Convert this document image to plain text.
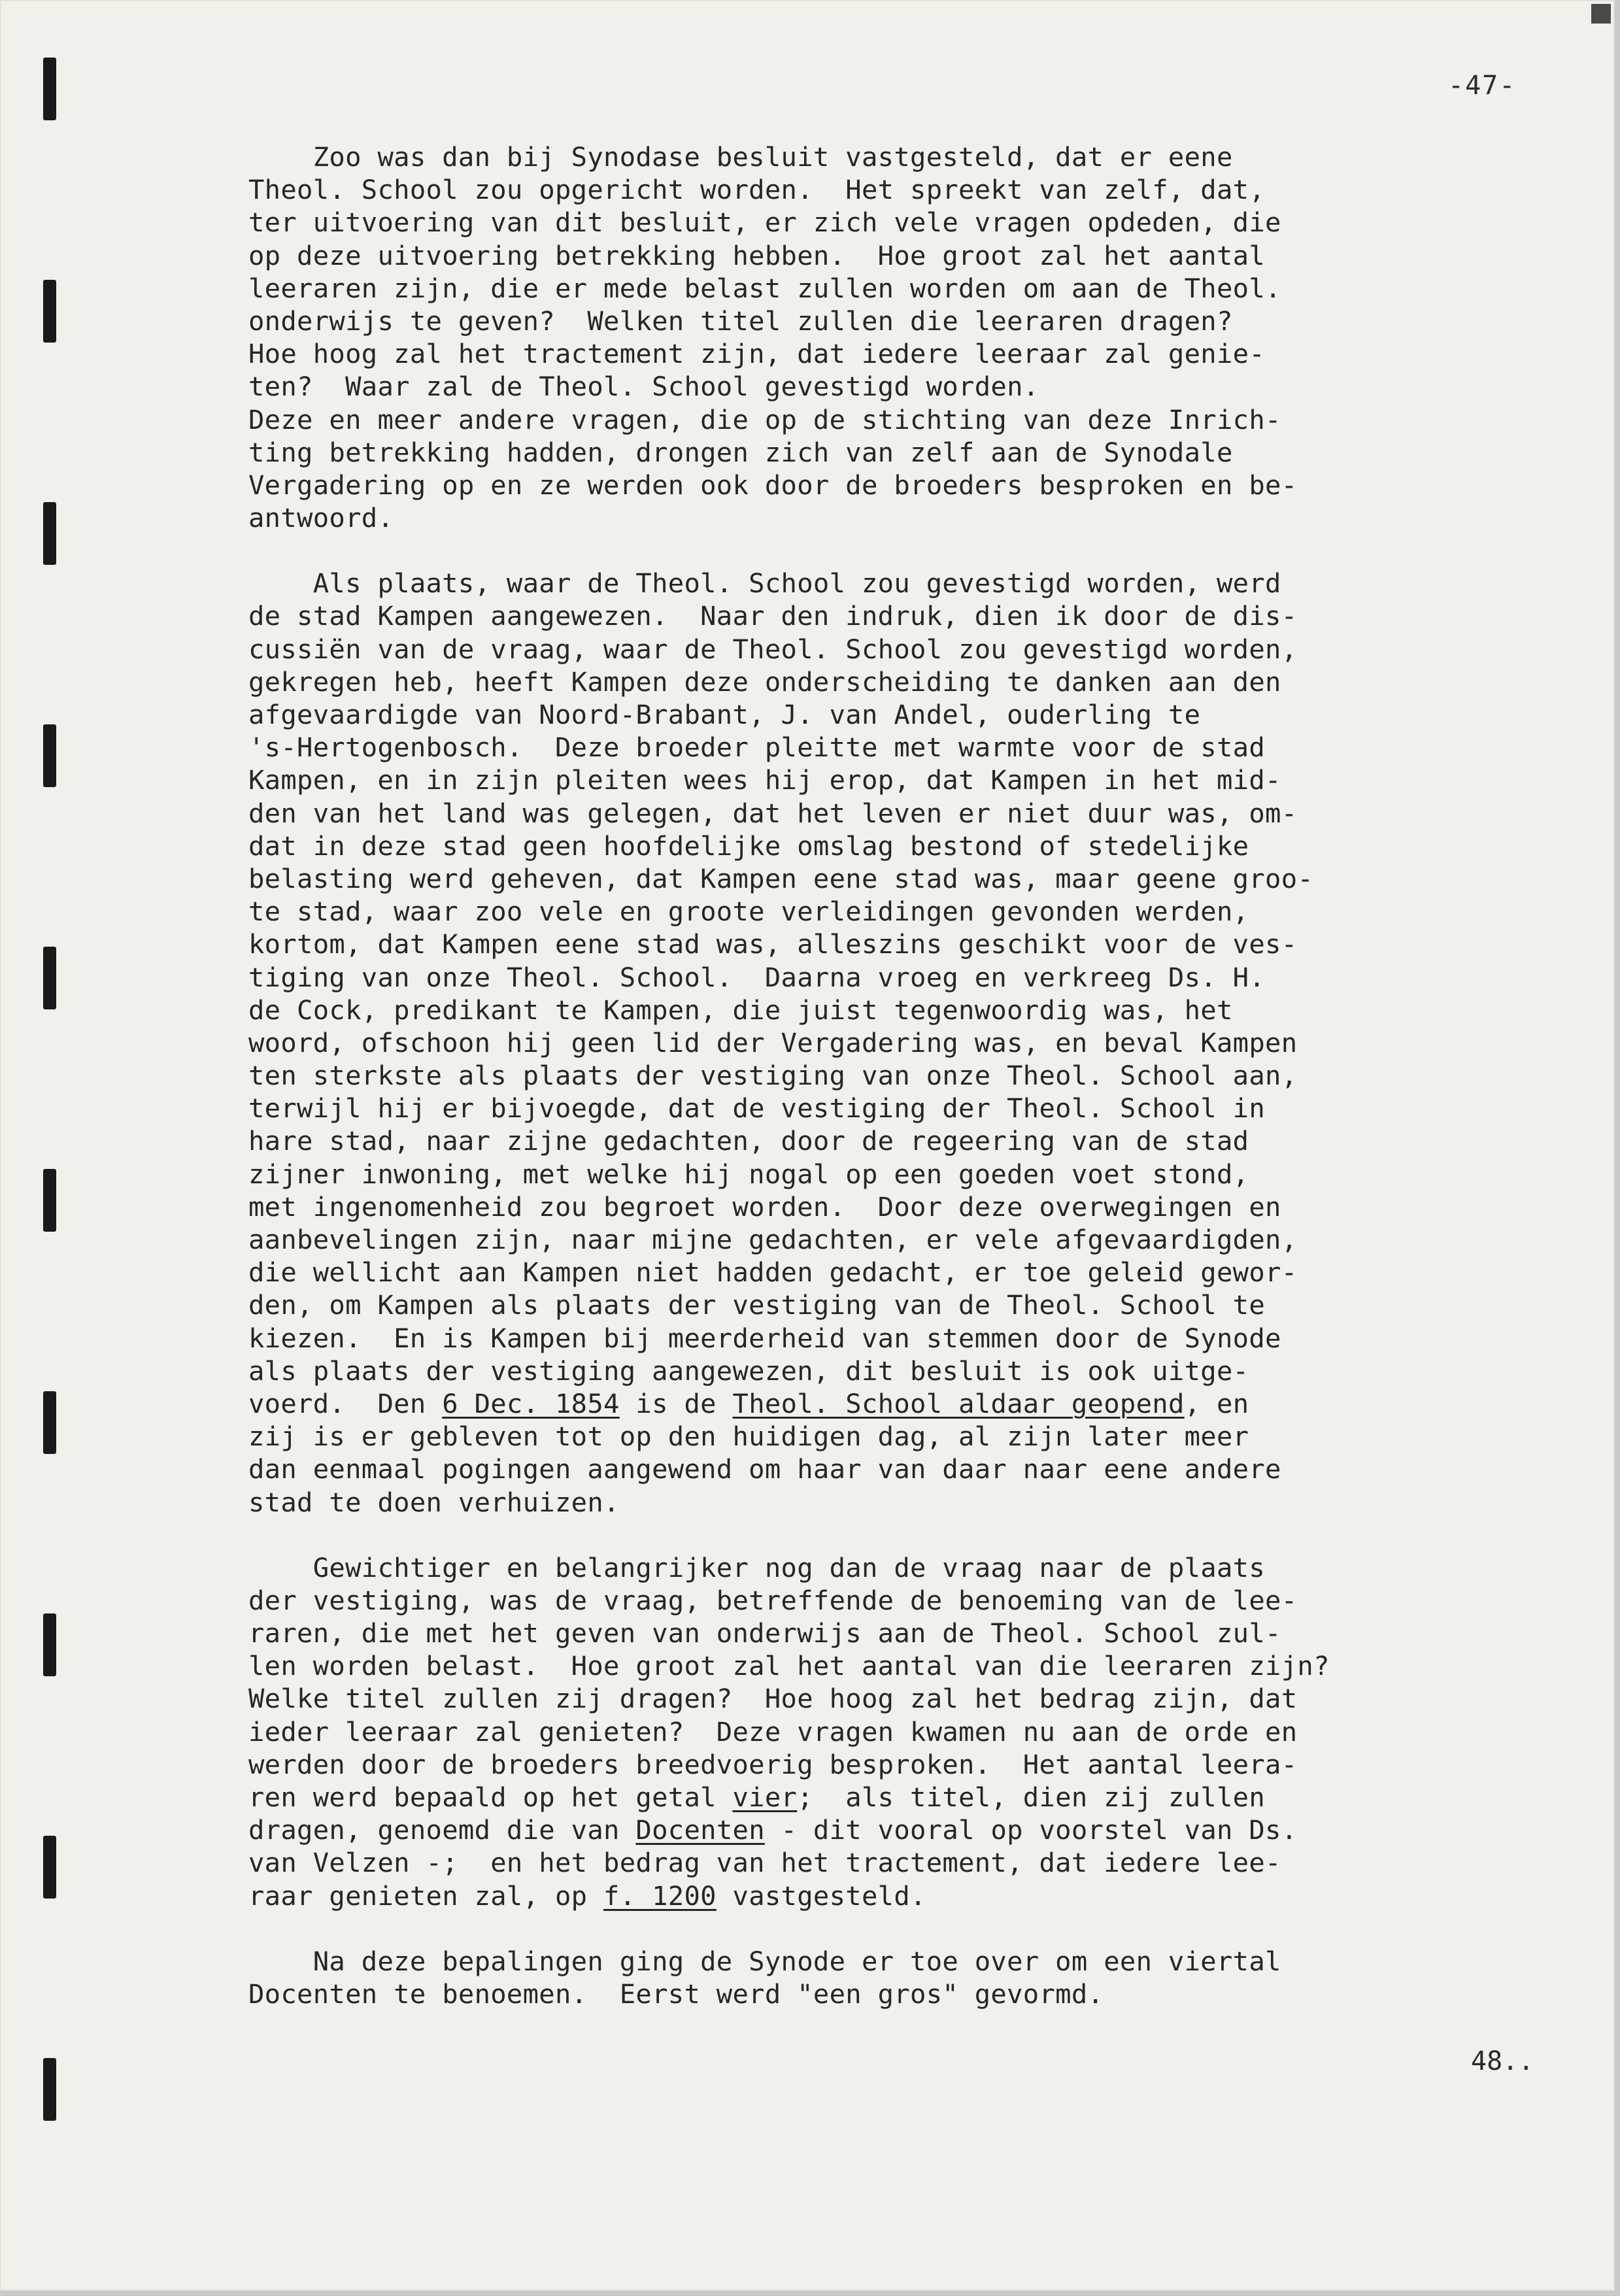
-47-
Zoo was dan bij Synodase besluit vastgesteld, dat er eene
Theol. School zou opgericht worden.  Het spreekt van zelf, dat,
ter uitvoering van dit besluit, er zich vele vragen opdeden, die
op deze uitvoering betrekking hebben.  Hoe groot zal het aantal
leeraren zijn, die er mede belast zullen worden om aan de Theol.
onderwijs te geven?  Welken titel zullen die leeraren dragen?
Hoe hoog zal het tractement zijn, dat iedere leeraar zal genie-
ten?  Waar zal de Theol. School gevestigd worden.
Deze en meer andere vragen, die op de stichting van deze Inrich-
ting betrekking hadden, drongen zich van zelf aan de Synodale
Vergadering op en ze werden ook door de broeders besproken en be-
antwoord.
Als plaats, waar de Theol. School zou gevestigd worden, werd
de stad Kampen aangewezen.  Naar den indruk, dien ik door de dis-
cussiën van de vraag, waar de Theol. School zou gevestigd worden,
gekregen heb, heeft Kampen deze onderscheiding te danken aan den
afgevaardigde van Noord-Brabant, J. van Andel, ouderling te
's-Hertogenbosch.  Deze broeder pleitte met warmte voor de stad
Kampen, en in zijn pleiten wees hij erop, dat Kampen in het mid-
den van het land was gelegen, dat het leven er niet duur was, om-
dat in deze stad geen hoofdelijke omslag bestond of stedelijke
belasting werd geheven, dat Kampen eene stad was, maar geene groo-
te stad, waar zoo vele en groote verleidingen gevonden werden,
kortom, dat Kampen eene stad was, alleszins geschikt voor de ves-
tiging van onze Theol. School.  Daarna vroeg en verkreeg Ds. H.
de Cock, predikant te Kampen, die juist tegenwoordig was, het
woord, ofschoon hij geen lid der Vergadering was, en beval Kampen
ten sterkste als plaats der vestiging van onze Theol. School aan,
terwijl hij er bijvoegde, dat de vestiging der Theol. School in
hare stad, naar zijne gedachten, door de regeering van de stad
zijner inwoning, met welke hij nogal op een goeden voet stond,
met ingenomenheid zou begroet worden.  Door deze overwegingen en
aanbevelingen zijn, naar mijne gedachten, er vele afgevaardigden,
die wellicht aan Kampen niet hadden gedacht, er toe geleid gewor-
den, om Kampen als plaats der vestiging van de Theol. School te
kiezen.  En is Kampen bij meerderheid van stemmen door de Synode
als plaats der vestiging aangewezen, dit besluit is ook uitge-
voerd.  Den 6 Dec. 1854 is de Theol. School aldaar geopend, en
zij is er gebleven tot op den huidigen dag, al zijn later meer
dan eenmaal pogingen aangewend om haar van daar naar eene andere
stad te doen verhuizen.
Gewichtiger en belangrijker nog dan de vraag naar de plaats
der vestiging, was de vraag, betreffende de benoeming van de lee-
raren, die met het geven van onderwijs aan de Theol. School zul-
len worden belast.  Hoe groot zal het aantal van die leeraren zijn?
Welke titel zullen zij dragen?  Hoe hoog zal het bedrag zijn, dat
ieder leeraar zal genieten?  Deze vragen kwamen nu aan de orde en
werden door de broeders breedvoerig besproken.  Het aantal leera-
ren werd bepaald op het getal vier;  als titel, dien zij zullen
dragen, genoemd die van Docenten - dit vooral op voorstel van Ds.
van Velzen -;  en het bedrag van het tractement, dat iedere lee-
raar genieten zal, op f. 1200 vastgesteld.
Na deze bepalingen ging de Synode er toe over om een viertal
Docenten te benoemen.  Eerst werd "een gros" gevormd.
48..
